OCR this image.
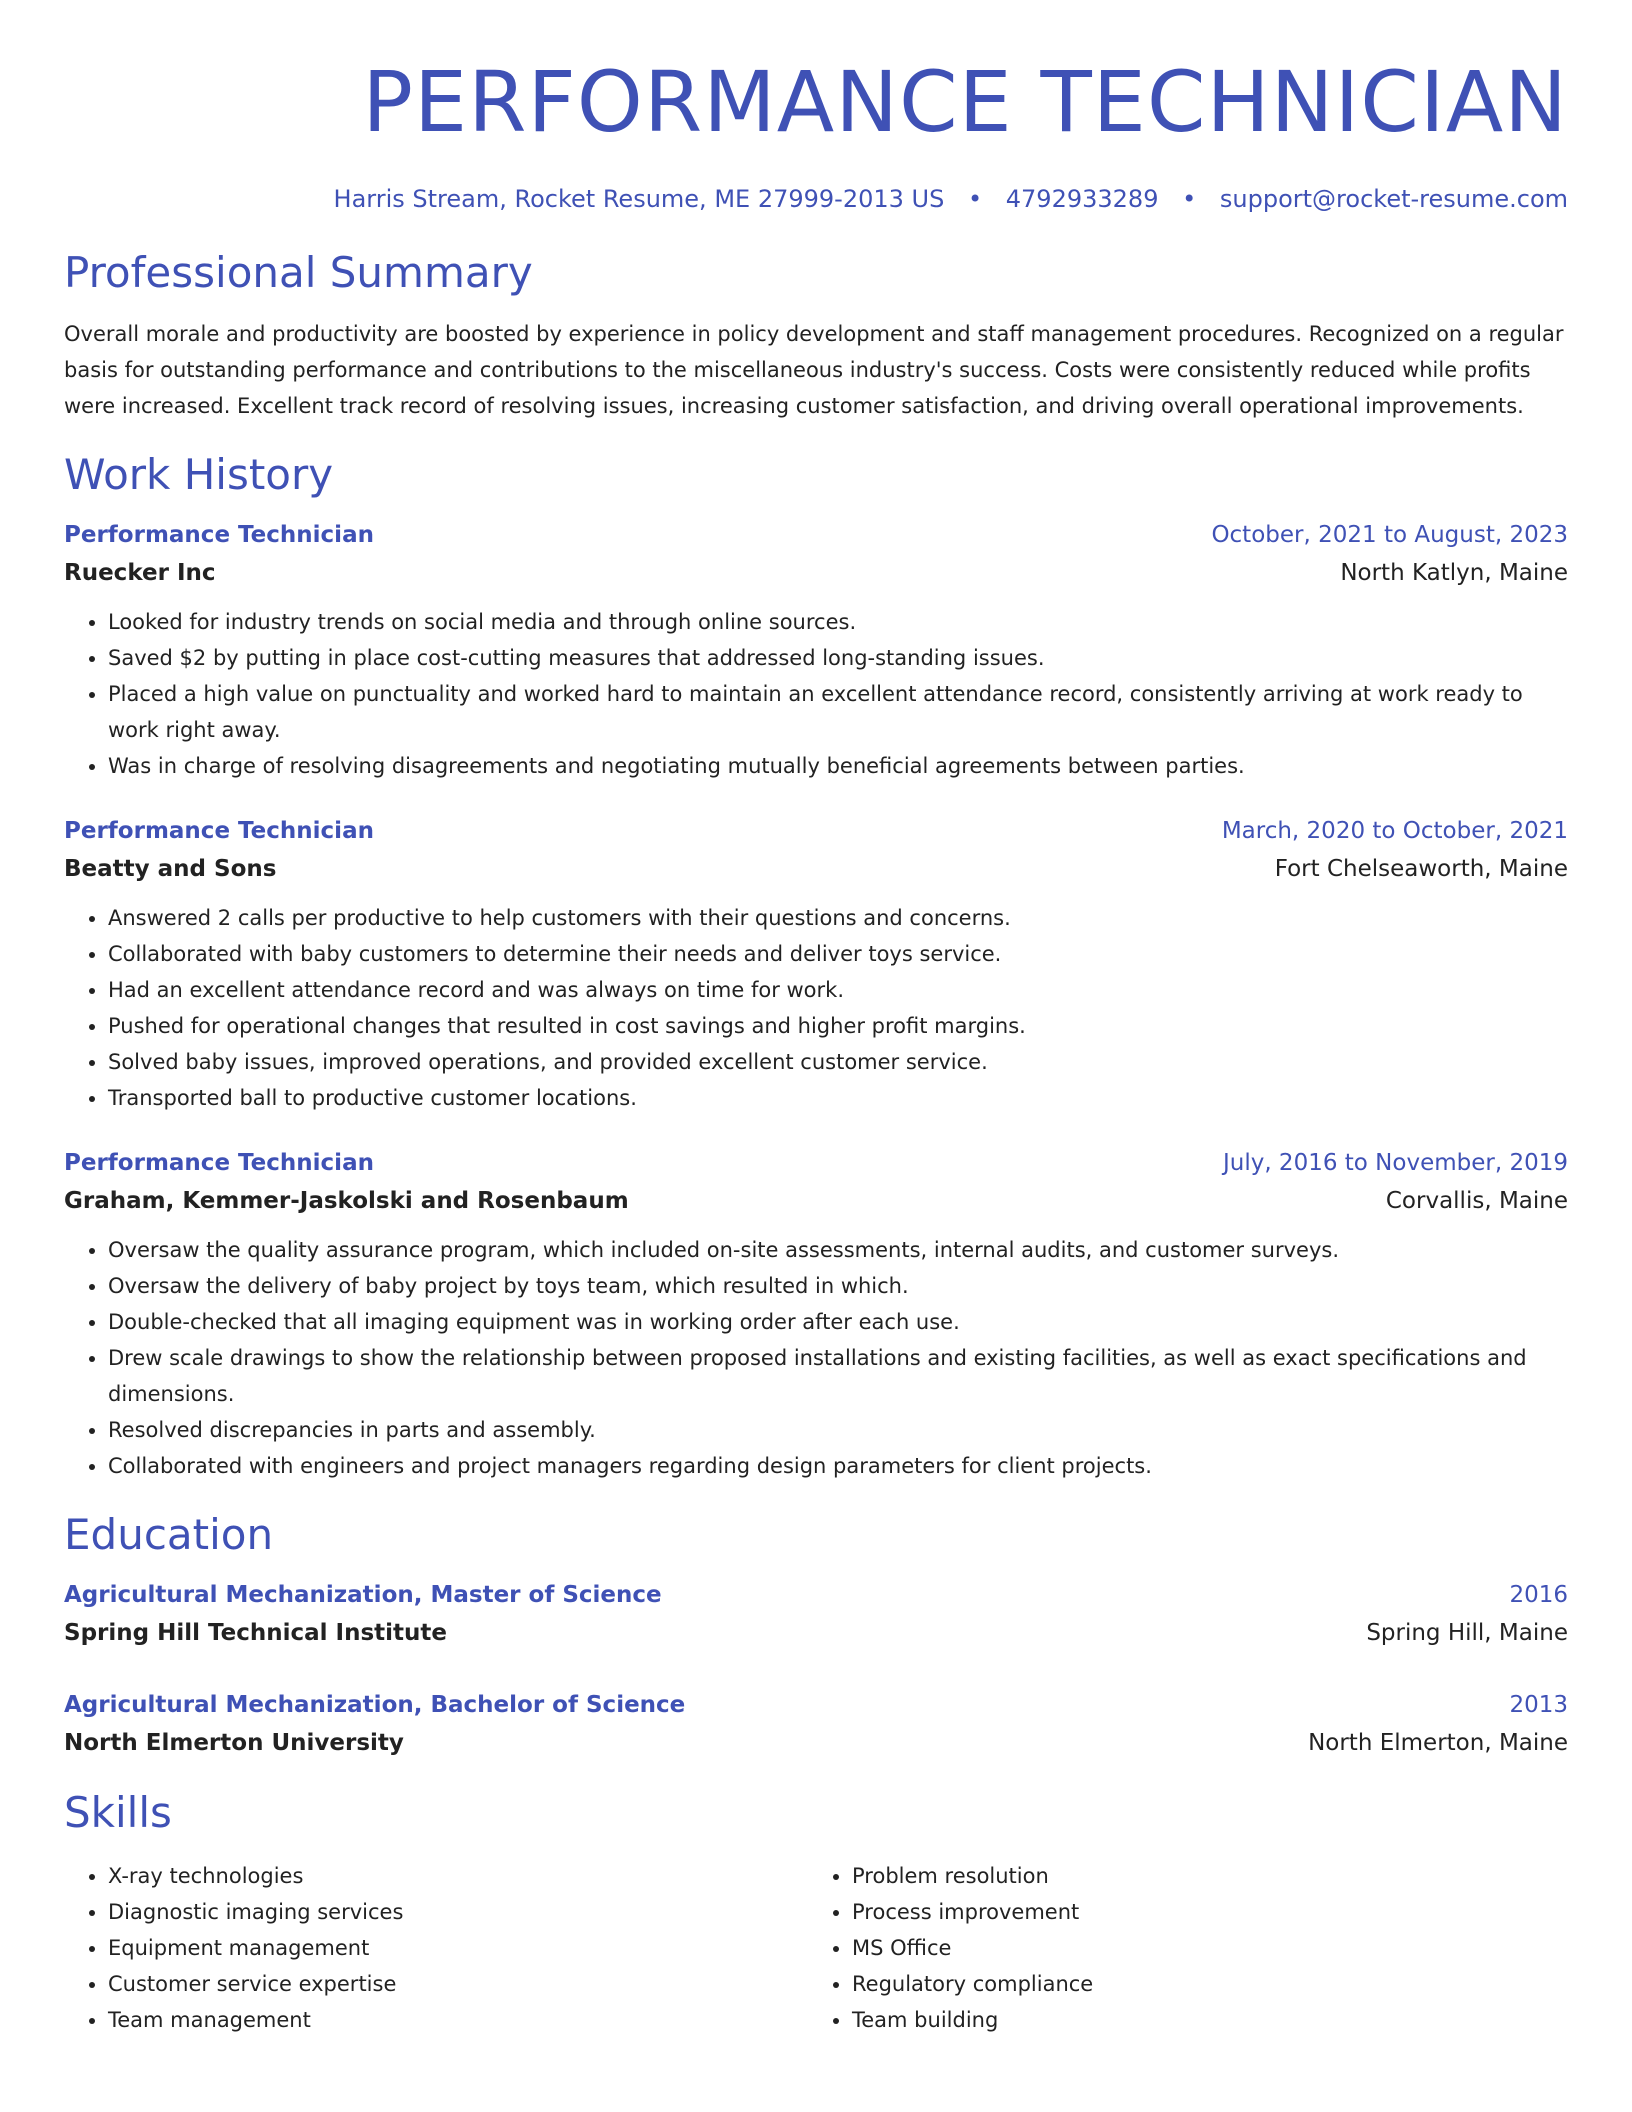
PERFORMANCE TECHNICIAN
Harris Stream, Rocket Resume, ME 27999-2013 US • 4792933289 • support@rocket-resume.com
Professional Summary
Overall morale and productivity are boosted by experience in policy development and staff management procedures. Recognized on a regular basis for outstanding performance and contributions to the miscellaneous industry's success. Costs were consistently reduced while profits were increased. Excellent track record of resolving issues, increasing customer satisfaction, and driving overall operational improvements.
Work History
Performance Technician	October, 2021 to August, 2023
Ruecker Inc	North Katlyn, Maine
• Looked for industry trends on social media and through online sources.
• Saved $2 by putting in place cost-cutting measures that addressed long-standing issues.
• Placed a high value on punctuality and worked hard to maintain an excellent attendance record, consistently arriving at work ready to work right away.
• Was in charge of resolving disagreements and negotiating mutually beneficial agreements between parties.
Performance Technician	March, 2020 to October, 2021
Beatty and Sons	Fort Chelseaworth, Maine
• Answered 2 calls per productive to help customers with their questions and concerns.
• Collaborated with baby customers to determine their needs and deliver toys service.
• Had an excellent attendance record and was always on time for work.
• Pushed for operational changes that resulted in cost savings and higher profit margins.
• Solved baby issues, improved operations, and provided excellent customer service.
• Transported ball to productive customer locations.
Performance Technician	July, 2016 to November, 2019
Graham, Kemmer-Jaskolski and Rosenbaum	Corvallis, Maine
• Oversaw the quality assurance program, which included on-site assessments, internal audits, and customer surveys.
• Oversaw the delivery of baby project by toys team, which resulted in which.
• Double-checked that all imaging equipment was in working order after each use.
• Drew scale drawings to show the relationship between proposed installations and existing facilities, as well as exact specifications and dimensions.
• Resolved discrepancies in parts and assembly.
• Collaborated with engineers and project managers regarding design parameters for client projects.
Education
Agricultural Mechanization, Master of Science	2016
Spring Hill Technical Institute	Spring Hill, Maine
Agricultural Mechanization, Bachelor of Science	2013
North Elmerton University	North Elmerton, Maine
Skills
• X-ray technologies
• Diagnostic imaging services
• Equipment management
• Customer service expertise
• Team management
• Problem resolution
• Process improvement
• MS Office
• Regulatory compliance
• Team building
